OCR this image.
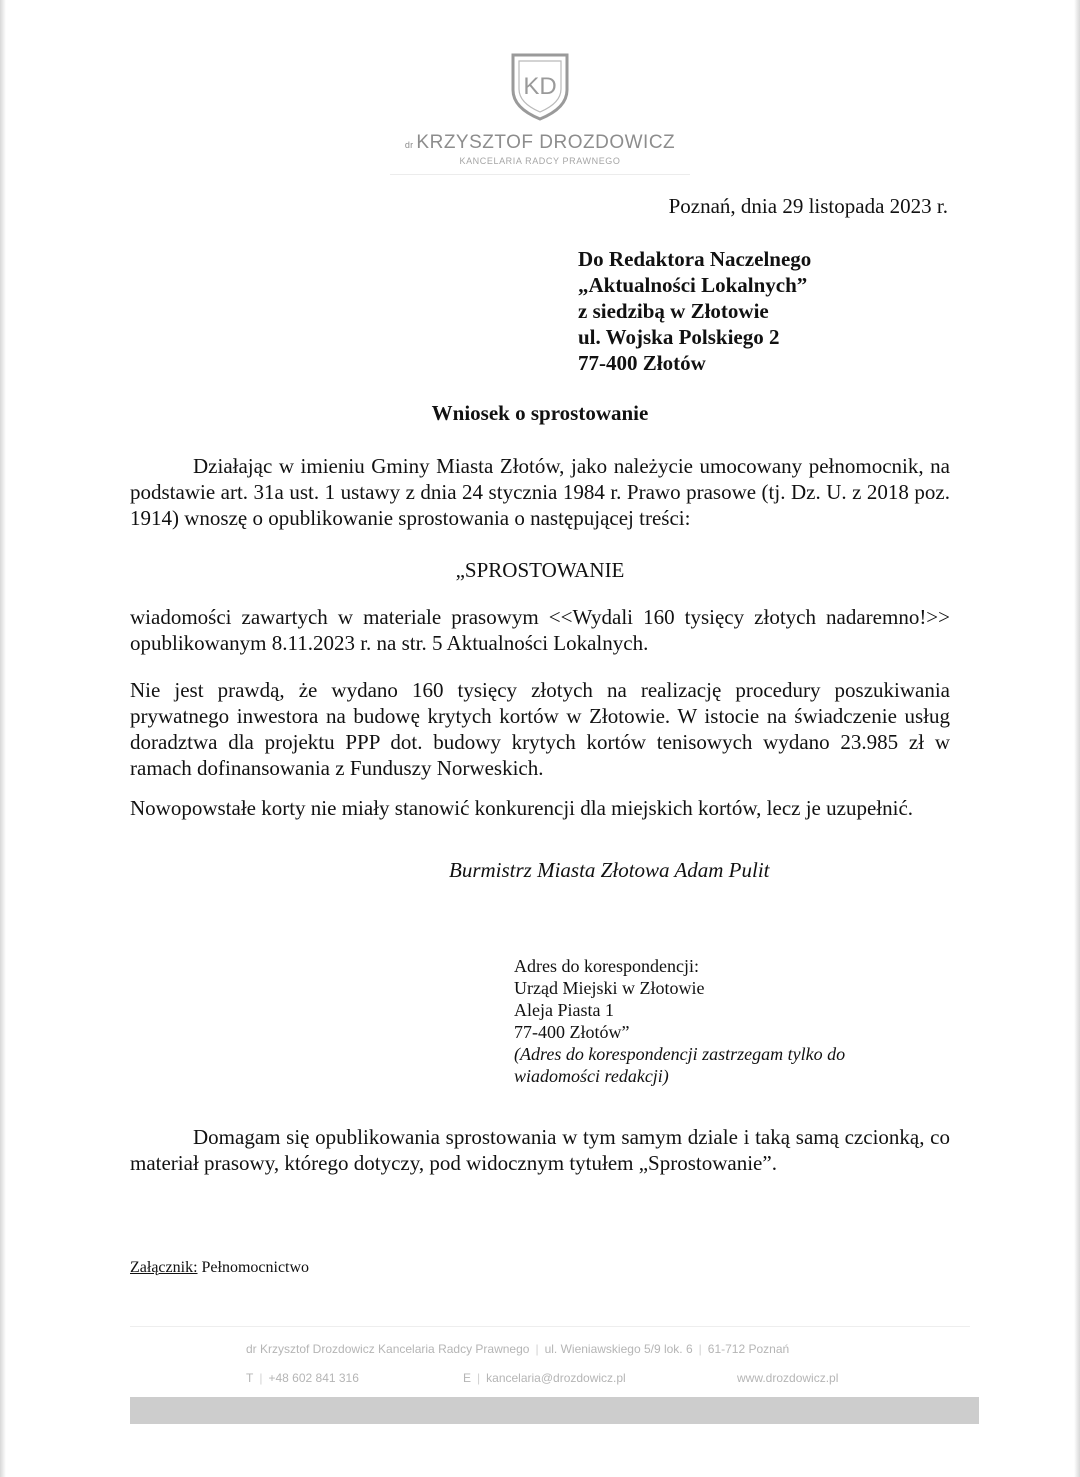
KD
dr KRZYSZTOF DROZDOWICZ
KANCELARIA RADCY PRAWNEGO
Poznań, dnia 29 listopada 2023 r.
Do Redaktora Naczelnego
„Aktualności Lokalnych”
z siedzibą w Złotowie
ul. Wojska Polskiego 2
77-400 Złotów
Wniosek o sprostowanie
Działając w imieniu Gminy Miasta Złotów, jako należycie umocowany pełnomocnik, na podstawie art. 31a ust. 1 ustawy z dnia 24 stycznia 1984 r. Prawo prasowe (tj. Dz. U. z 2018 poz. 1914) wnoszę o opublikowanie sprostowania o następującej treści:
„SPROSTOWANIE
wiadomości zawartych w materiale prasowym <<Wydali 160 tysięcy złotych nadaremno!>> opublikowanym 8.11.2023 r. na str. 5 Aktualności Lokalnych.
Nie jest prawdą, że wydano 160 tysięcy złotych na realizację procedury poszukiwania prywatnego inwestora na budowę krytych kortów w Złotowie. W istocie na świadczenie usług doradztwa dla projektu PPP dot. budowy krytych kortów tenisowych wydano 23.985 zł w ramach dofinansowania z Funduszy Norweskich.
Nowopowstałe korty nie miały stanowić konkurencji dla miejskich kortów, lecz je uzupełnić.
Burmistrz Miasta Złotowa Adam Pulit
Adres do korespondencji:
Urząd Miejski w Złotowie
Aleja Piasta 1
77-400 Złotów”
(Adres do korespondencji zastrzegam tylko do
wiadomości redakcji)
Domagam się opublikowania sprostowania w tym samym dziale i taką samą czcionką, co materiał prasowy, którego dotyczy, pod widocznym tytułem „Sprostowanie”.
Załącznik: Pełnomocnictwo
dr Krzysztof Drozdowicz Kancelaria Radcy Prawnego | ul. Wieniawskiego 5/9 lok. 6 | 61-712 Poznań
T | +48 602 841 316	E | kancelaria@drozdowicz.pl	www.drozdowicz.pl
